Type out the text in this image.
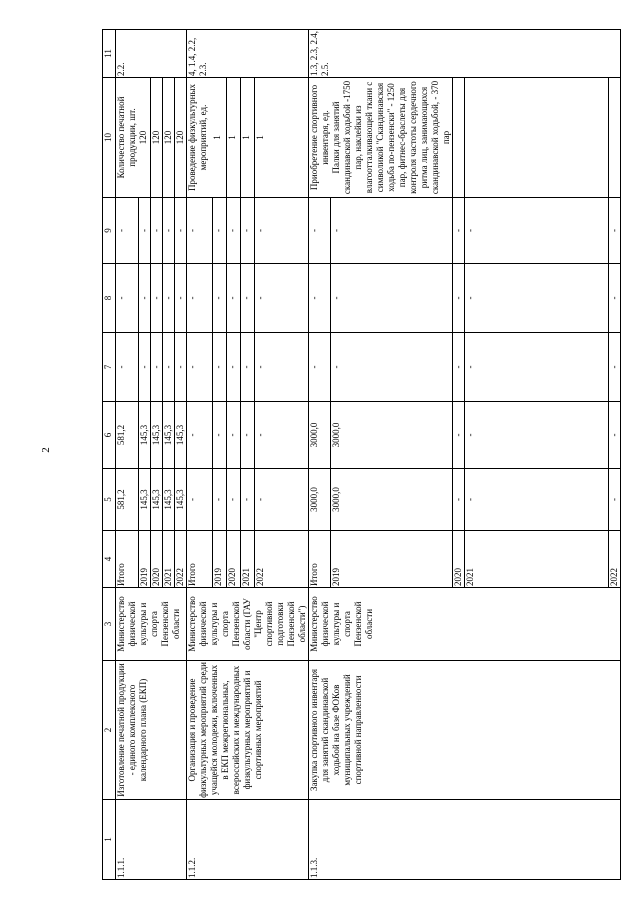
2
1	2	3	4	5	6	7	8	9	10	11
1.1.1.	Изготовление печатной продукции - единого комплексного календарного плана (ЕКП)	Министерство физической культуры и спорта Пензенской области	Итого	581,2	581,2	-	-	-	Количество печатной продукции, шт.	2.2.
			2019	145,3	145,3	-	-	-	120	
			2020	145,3	145,3	-	-	-	120	
			2021	145,3	145,3	-	-	-	120	
			2022	145,3	145,3	-	-	-	120	
1.1.2.	Организация и проведение физкультурных мероприятий среди учащейся молодежи, включенных в ЕКП межрегиональных, всероссийских и международных физкультурных мероприятий и спортивных мероприятий	Министерство физической культуры и спорта Пензенской области (ГАУ "Центр спортивной подготовки Пензенской области")	Итого	-	-	-	-	-	Проведение физкультурных мероприятий, ед.	4, 1.4, 2.2, 2.3.
			2019	-	-	-	-	-	1	
			2020	-	-	-	-	-	1	
			2021	-	-	-	-	-	1	
			2022	-	-	-	-	-	1	
1.1.3.	Закупка спортивного инвентаря для занятий скандинавской ходьбой на базе ФОКов муниципальных учреждений спортивной направленности	Министерство физической культуры и спорта Пензенской области	Итого	3000,0	3000,0	-	-	-	Приобретение спортивного инвентаря, ед.	1.3, 2.3, 2.4, 2.5.
			2019	3000,0	3000,0	-	-	-	Палки для занятий скандинавской ходьбой -1750 пар, наклейки из влагоотталкивающей ткани с символикой "Скандинавская ходьба по-пензенски" - 1250 пар, фитнес-браслеты для контроля частоты сердечного ритма лиц, занимающихся скандинавской ходьбой, - 370 пар	
			2020	-	-	-	-	-		
			2021	-	-	-	-	-		
			2022	-	-	-	-	-		
